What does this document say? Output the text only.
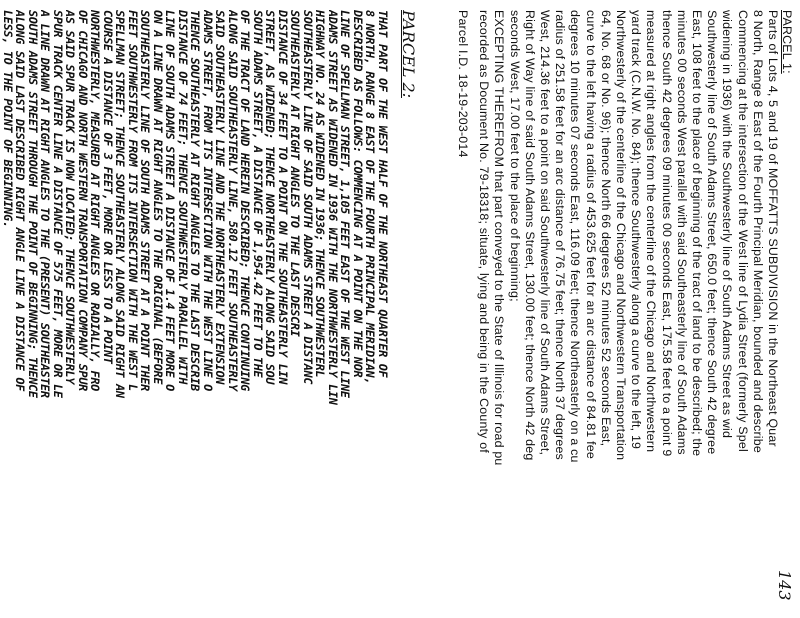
143
PARCEL 1:
Parts of Lots 4, 5 and 19 of MOFFATTS SUBDIVISION in the Northeast Quar
8 North, Range 8 East of the Fourth Principal Meridian, bounded and describe
Commencing at the intersection of the West line of Lydia Street (formerly Spel
widening in 1936) with the Southwesterly line of South Adams Street as wid
Southwesterly line of South Adams Street, 650.0 feet; thence South 42 degree
East, 108 feet to the place of beginning of the tract of land to be described; the
minutes 00 seconds West parallel with said Southeasterly line of South Adams
thence South 42 degrees 09 minutes 00 seconds East, 175.58 feet to a point 9
measured at right angles from the centerline of the Chicago and Northwestern
yard track (C.N.W. No. 84); thence Southwesterly along a curve to the left, 19
Northwesterly of the centerline of the Chicago and Northwestern Transportation
64, No. 68 or No. 96); thence North 66 degrees 52 minutes 52 seconds East,
curve to the left having a radius of 453.625 feet for an arc distance of 84.81 fee
degrees 10 minutes 07 seconds East, 116.09 feet; thence Northeasterly on a cu
radius of 251.58 feet for an arc distance of 76.75 feet; thence North 37 degrees
West, 214.36 feet to a point on said Southwesterly line of South Adams Street,
Right of Way line of said South Adams Street, 130.00 feet; thence North 42 deg
seconds West, 17.00 feet to the place of beginning;
EXCEPTING THEREFROM that part conveyed to the State of Illinois for road pu
recorded as Document No. 79-18318; situate, lying and being in the County of
Parcel I.D. 18-19-203-014
PARCEL 2:
THAT PART OF THE WEST HALF OF THE NORTHEAST QUARTER OF
8 NORTH, RANGE 8 EAST OF THE FOURTH PRINCIPAL MERIDIAN,
DESCRIBED AS FOLLOWS: COMMENCING AT A POINT ON THE NOR
LINE OF SPELLMAN STREET, 1,105 FEET EAST OF THE WEST LINE
ADAMS STREET AS WIDENED IN 1936 WITH THE NORTHWESTERLY LIN
HIGHWAY NO. 24 AS WIDENED IN 1936; THENCE SOUTHWESTERL
SOUTHEASTERLY LINE OF SAID SOUTH ADAMS STREET A DISTANC
SOUTHEASTERLY AT RIGHT ANGLES TO THE LAST DESCRI
DISTANCE OF 34 FEET TO A POINT ON THE SOUTHEASTERLY LIN
STREET, AS WIDENED; THENCE NORTHEASTERLY ALONG SAID SOU
SOUTH ADAMS STREET, A DISTANCE OF 1,954.42 FEET TO THE
OF THE TRACT OF LAND HEREIN DESCRIBED; THENCE CONTINUING
ALONG SAID SOUTHEASTERLY LINE, 580.12 FEET SOUTHEASTERLY
SAID SOUTHEASTERLY LINE AND THE NORTHEASTERLY EXTENSION
ADAMS STREET, FROM ITS INTERSECTION WITH THE WEST LINE O
THENCE SOUTHEASTERLY AT RIGHT ANGLES TO THE LAST DESCRIB
DISTANCE OF 74 FEET; THENCE SOUTHWESTERLY PARALLEL WITH
LINE OF SOUTH ADAMS STREET A DISTANCE OF 1.4 FEET MORE O
ON A LINE DRAWN AT RIGHT ANGLES TO THE ORIGINAL (BEFORE
SOUTHEASTERLY LINE OF SOUTH ADAMS STREET AT A POINT THER
FEET SOUTHWESTERLY FROM ITS INTERSECTION WITH THE WEST L
SPELLMAN STREET; THENCE SOUTHEASTERLY ALONG SAID RIGHT AN
COURSE A DISTANCE OF 3 FEET, MORE OR LESS TO A POINT
NORTHWESTERLY, MEASURED AT RIGHT ANGLES OR RADIALLY, FRO
OF CHICAGO AND NORTH WESTERN TRANSPORTATION COMPANY SPUR
AS SAID SPUR TRACK IS NOW LOCATED; THENCE SOUTHWESTERLY
SPUR TRACK CENTER LINE A DISTANCE OF 575 FEET, MORE OR LE
A LINE DRAWN AT RIGHT ANGLES TO THE (PRESENT) SOUTHEASTER
SOUTH ADAMS STREET THROUGH THE POINT OF BEGINNING; THENCE
ALONG SAID LAST DESCRIBED RIGHT ANGLE LINE A DISTANCE OF
LESS, TO THE POINT OF BEGINNING.
